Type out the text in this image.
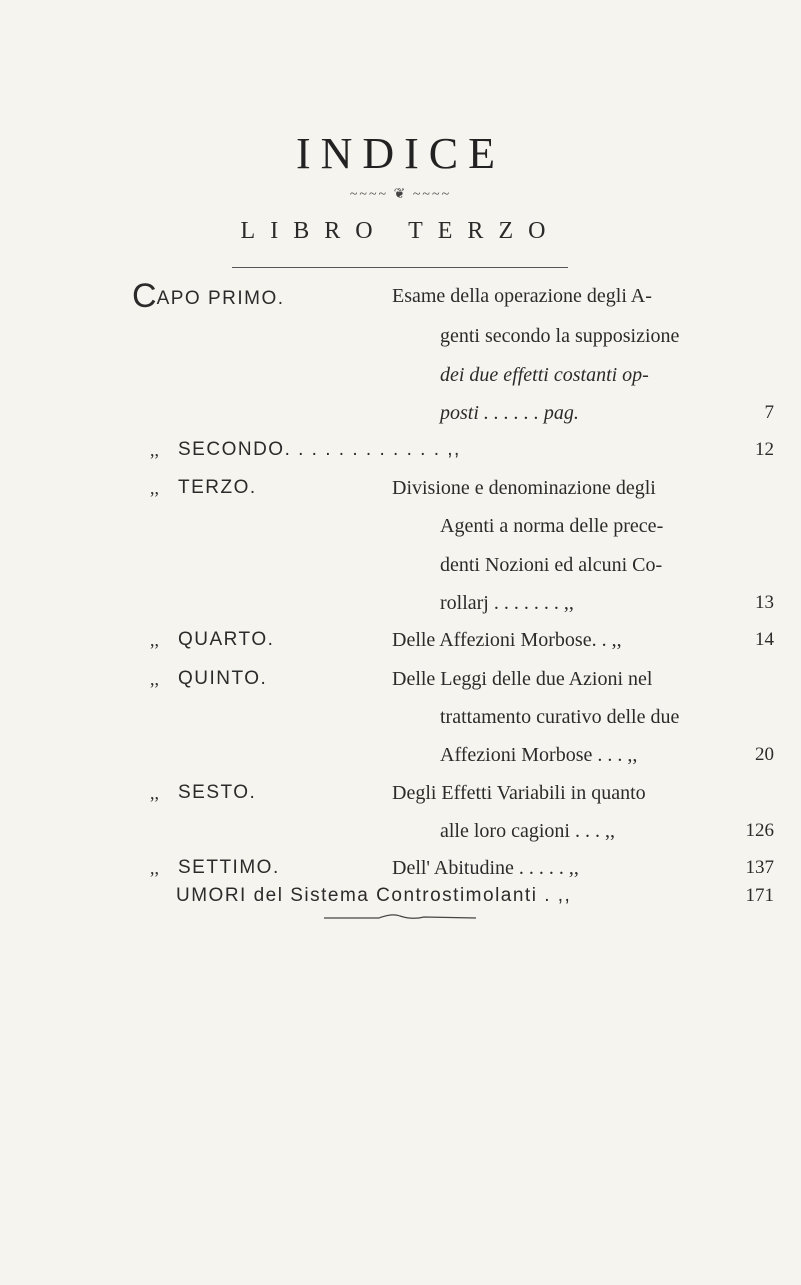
INDICE
~~~~ ❦ ~~~~
LIBRO TERZO
CAPO PRIMO.	Esame della operazione degli A-
genti secondo la supposizione
dei due effetti costanti op-
posti . . . . . . pag.	7
,, SECONDO. . . . . . . . . . . . ,,	12
,, TERZO.	Divisione e denominazione degli
Agenti a norma delle prece-
denti Nozioni ed alcuni Co-
rollarj . . . . . . . ,,	13
,, QUARTO.	Delle Affezioni Morbose. . ,,	14
,, QUINTO.	Delle Leggi delle due Azioni nel
trattamento curativo delle due
Affezioni Morbose . . . ,,	20
,, SESTO.	Degli Effetti Variabili in quanto
alle loro cagioni . . . ,,	126
,, SETTIMO.	Dell' Abitudine . . . . . ,,	137
UMORI del Sistema Controstimolanti . ,,	171
